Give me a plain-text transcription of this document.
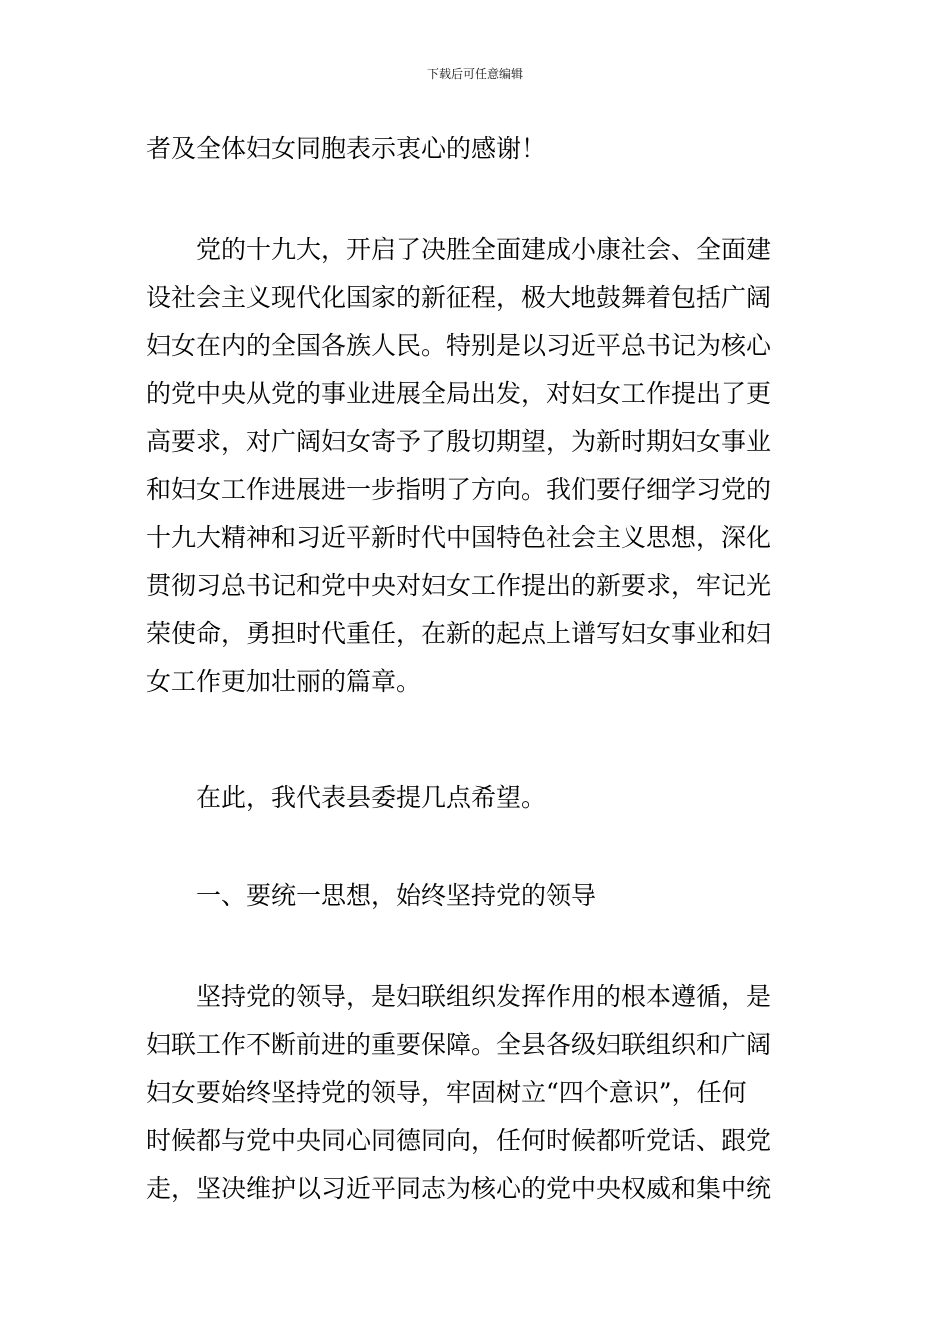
下载后可任意编辑
者及全体妇女同胞表示衷心的感谢！
党的十九大，开启了决胜全面建成小康社会、全面建
设社会主义现代化国家的新征程，极大地鼓舞着包括广阔
妇女在内的全国各族人民。特别是以习近平总书记为核心
的党中央从党的事业进展全局出发，对妇女工作提出了更
高要求，对广阔妇女寄予了殷切期望，为新时期妇女事业
和妇女工作进展进一步指明了方向。我们要仔细学习党的
十九大精神和习近平新时代中国特色社会主义思想，深化
贯彻习总书记和党中央对妇女工作提出的新要求，牢记光
荣使命，勇担时代重任，在新的起点上谱写妇女事业和妇
女工作更加壮丽的篇章。
在此，我代表县委提几点希望。
一、要统一思想，始终坚持党的领导
坚持党的领导，是妇联组织发挥作用的根本遵循，是
妇联工作不断前进的重要保障。全县各级妇联组织和广阔
妇女要始终坚持党的领导，牢固树立“四个意识”，任何
时候都与党中央同心同德同向，任何时候都听党话、跟党
走，坚决维护以习近平同志为核心的党中央权威和集中统
